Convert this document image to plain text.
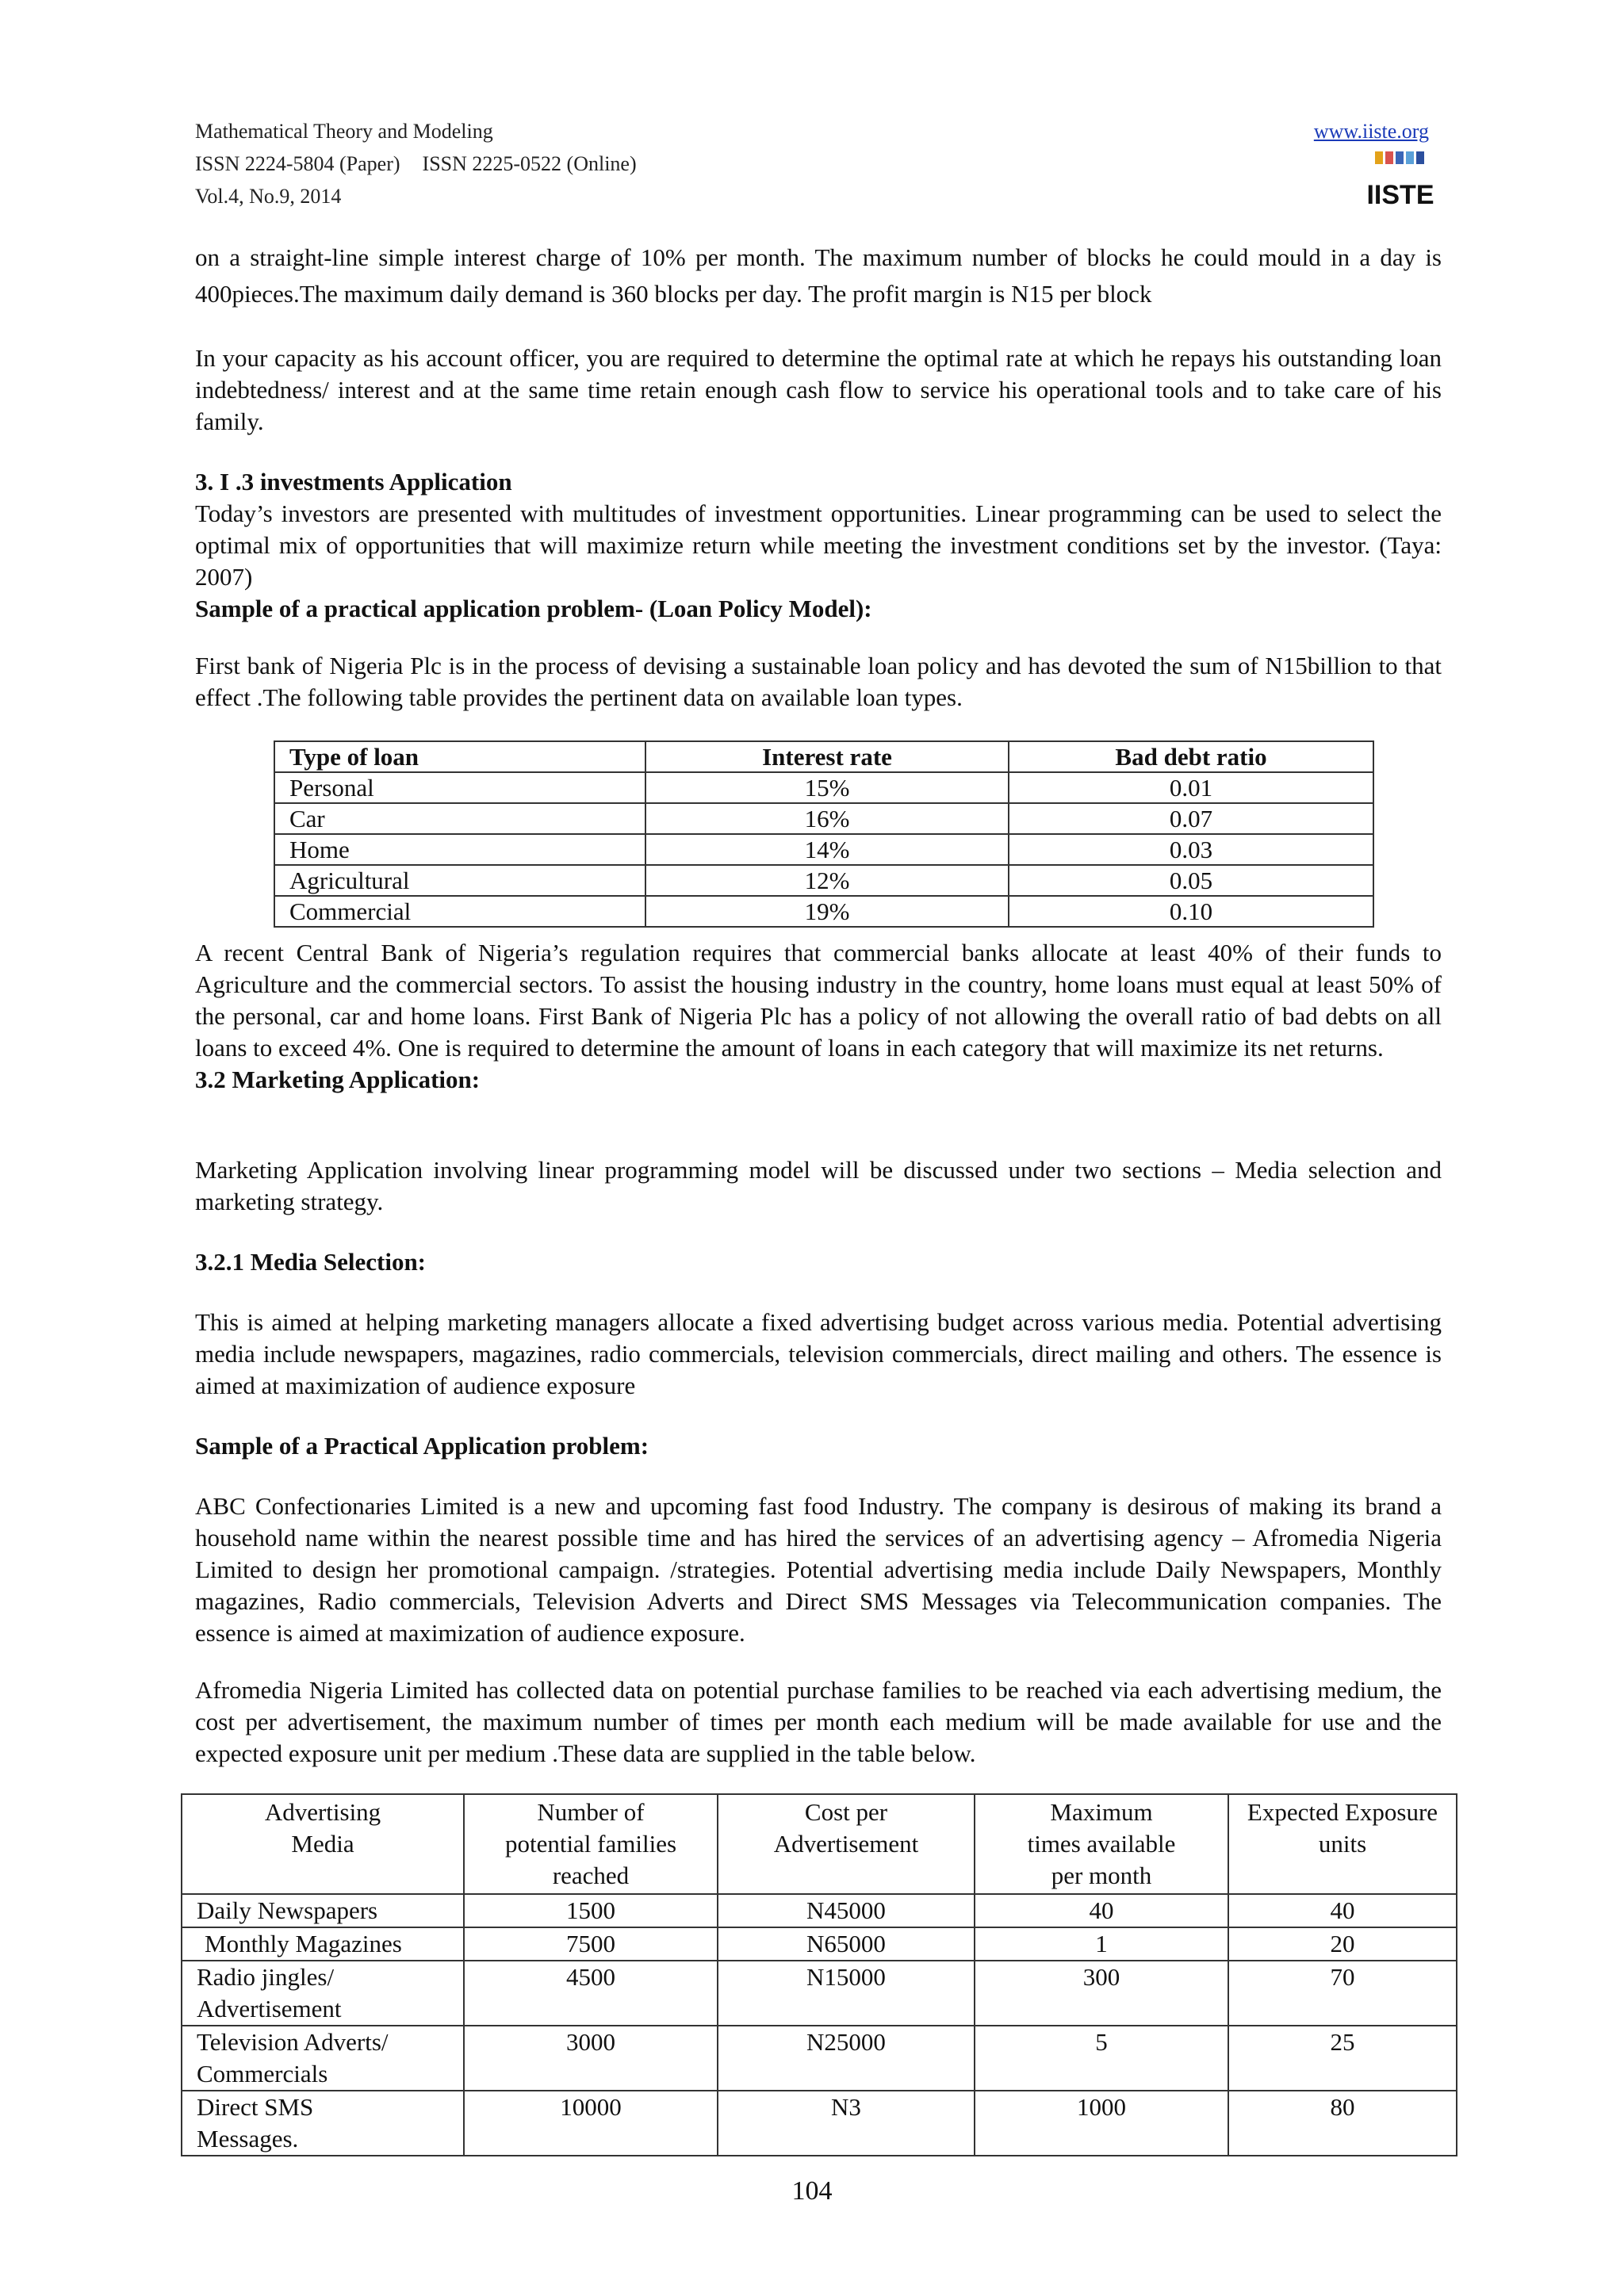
Mathematical Theory and Modeling
ISSN 2224-5804 (Paper) ISSN 2225-0522 (Online)
Vol.4, No.9, 2014
www.iiste.org
IISTE

on a straight-line simple interest charge of 10% per month. The maximum number of blocks he could mould in a day is 400pieces.The maximum daily demand is 360 blocks per day. The profit margin is N15 per block

In your capacity as his account officer, you are required to determine the optimal rate at which he repays his outstanding loan indebtedness/ interest and at the same time retain enough cash flow to service his operational tools and to take care of his family.

3. I .3 investments Application

Today’s investors are presented with multitudes of investment opportunities. Linear programming can be used to select the optimal mix of opportunities that will maximize return while meeting the investment conditions set by the investor. (Taya: 2007)

Sample of a practical application problem- (Loan Policy Model):

First bank of Nigeria Plc is in the process of devising a sustainable loan policy and has devoted the sum of N15billion to that effect .The following table provides the pertinent data on available loan types.

Type of loan	Interest rate	Bad debt ratio
Personal	15%	0.01
Car	16%	0.07
Home	14%	0.03
Agricultural	12%	0.05
Commercial	19%	0.10

A recent Central Bank of Nigeria’s regulation requires that commercial banks allocate at least 40% of their funds to Agriculture and the commercial sectors. To assist the housing industry in the country, home loans must equal at least 50% of the personal, car and home loans. First Bank of Nigeria Plc has a policy of not allowing the overall ratio of bad debts on all loans to exceed 4%. One is required to determine the amount of loans in each category that will maximize its net returns.

3.2 Marketing Application:

Marketing Application involving linear programming model will be discussed under two sections – Media selection and marketing strategy.

3.2.1 Media Selection:

This is aimed at helping marketing managers allocate a fixed advertising budget across various media. Potential advertising media include newspapers, magazines, radio commercials, television commercials, direct mailing and others. The essence is aimed at maximization of audience exposure

Sample of a Practical Application problem:

ABC Confectionaries Limited is a new and upcoming fast food Industry. The company is desirous of making its brand a household name within the nearest possible time and has hired the services of an advertising agency – Afromedia Nigeria Limited to design her promotional campaign. /strategies. Potential advertising media include Daily Newspapers, Monthly magazines, Radio commercials, Television Adverts and Direct SMS Messages via Telecommunication companies. The essence is aimed at maximization of audience exposure.

Afromedia Nigeria Limited has collected data on potential purchase families to be reached via each advertising medium, the cost per advertisement, the maximum number of times per month each medium will be made available for use and the expected exposure unit per medium .These data are supplied in the table below.

Advertising
Media	Number of
potential families
reached	Cost per
Advertisement	Maximum
times available
per month	Expected Exposure
units
Daily Newspapers	1500	N45000	40	40
Monthly Magazines	7500	N65000	1	20
Radio jingles/
Advertisement	4500	N15000	300	70
Television Adverts/
Commercials	3000	N25000	5	25
Direct SMS
Messages.	10000	N3	1000	80
104
